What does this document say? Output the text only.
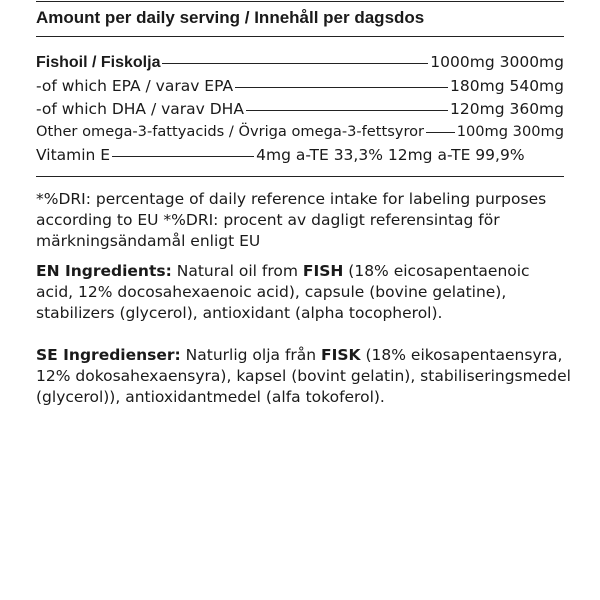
Amount per daily serving / Innehåll per dagsdos
Fishoil / Fiskolja	1000mg 3000mg
-of which EPA / varav EPA	180mg 540mg
-of which DHA / varav DHA	120mg 360mg
Other omega-3-fattyacids / Övriga omega-3-fettsyror 100mg 300mg
Vitamin E	4mg a-TE 33,3% 12mg a-TE 99,9%
*%DRI: percentage of daily reference intake for labeling purposes according to EU *%DRI: procent av dagligt referensintag för märkningsändamål enligt EU
EN Ingredients: Natural oil from FISH (18% eicosapentaenoic acid, 12% docosahexaenoic acid), capsule (bovine gelatine), stabilizers (glycerol), antioxidant (alpha tocopherol).
SE Ingredienser: Naturlig olja från FISK (18% eikosapentaensyra, 12% dokosahexaensyra), kapsel (bovint gelatin), stabiliseringsmedel (glycerol)), antioxidantmedel (alfa tokoferol).
